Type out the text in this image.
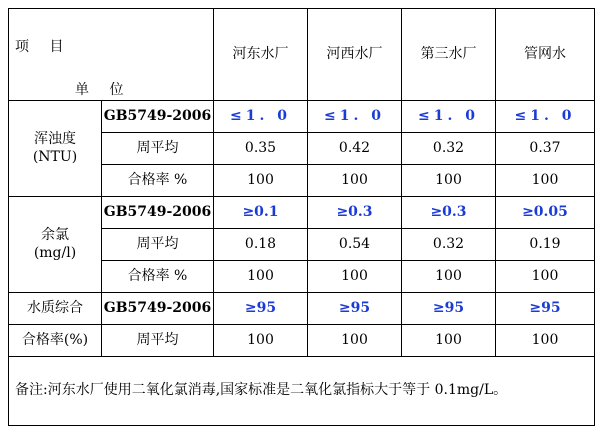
项 目
单 位		河东水厂	河西水厂	第三水厂	管网水

浑浊度
(NTU)	GB5749-2006	≤1. 0	≤1. 0	≤1. 0	≤1. 0
	周平均	0.35	0.42	0.32	0.37
	合格率 %	100	100	100	100

余氯
(mg/l)	GB5749-2006	≥0.1	≥0.3	≥0.3	≥0.05
	周平均	0.18	0.54	0.32	0.19
	合格率 %	100	100	100	100
水质综合	GB5749-2006	≥95	≥95	≥95	≥95
合格率(%)	周平均	100	100	100	100
备注:河东水厂使用二氧化氯消毒,国家标准是二氧化氯指标大于等于 0.1mg/L。					
